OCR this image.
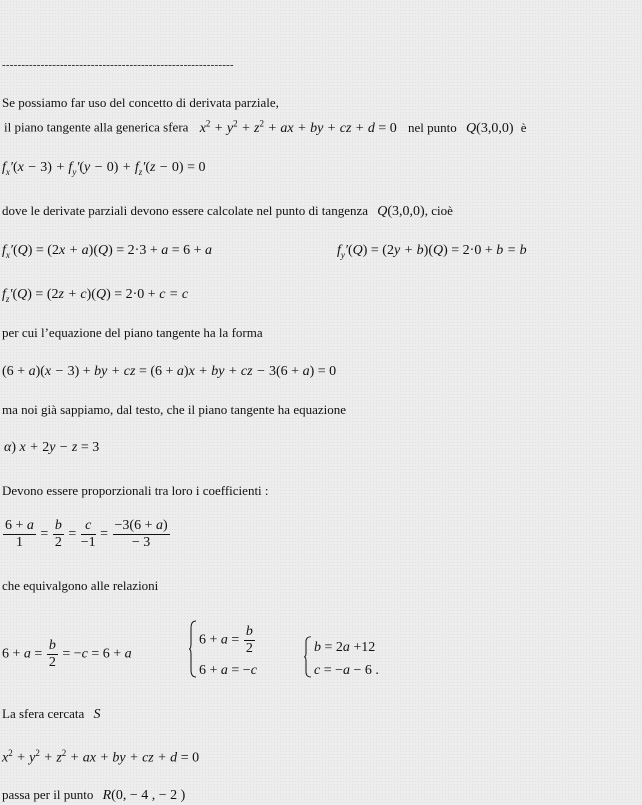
------------------------------------------------------------
Se possiamo far uso del concetto di derivata parziale,
il piano tangente alla generica sfera $x^2 + y^2 + z^2$ + ax + by + cz + d = 0 nel punto Q(3,0,0) è
$f_x'(x - 3) + f_y'(y - 0) + f_z'(z - 0) = 0$
dove le derivate parziali devono essere calcolate nel punto di tangenza Q(3,0,0), cioè
$f_x'(Q) = (2x + a)(Q) = 2\cdot 3 + a = 6 + a$	$f_y'(Q) = (2y + b)(Q) = 2\cdot 0 + b = b$
$f_z'(Q) = (2z + c)(Q) = 2\cdot 0 + c = c$
per cui l’equazione del piano tangente ha la forma
(6 + a)(x − 3) + by + cz = (6 + a)x + by + cz − 3(6 + a) = 0
ma noi già sappiamo, dal testo, che il piano tangente ha equazione
α) x + 2y − z = 3
Devono essere proporzionali tra loro i coefficienti :
$\frac{6 + a}{1} = \frac{b}{2} = \frac{c}{-1} = \frac{-3(6 + a)}{- 3}$
che equivalgono alle relazioni
$6 + a = \frac{b}{2} = -c = 6 + a$
$6 + a = \frac{b}{2}$
6 + a = −c
b = 2a +12
c = −a − 6 .
La sfera cercata S
$x^2 + y^2 + z^2$ + ax + by + cz + d = 0
passa per il punto R(0, − 4 , − 2 )
